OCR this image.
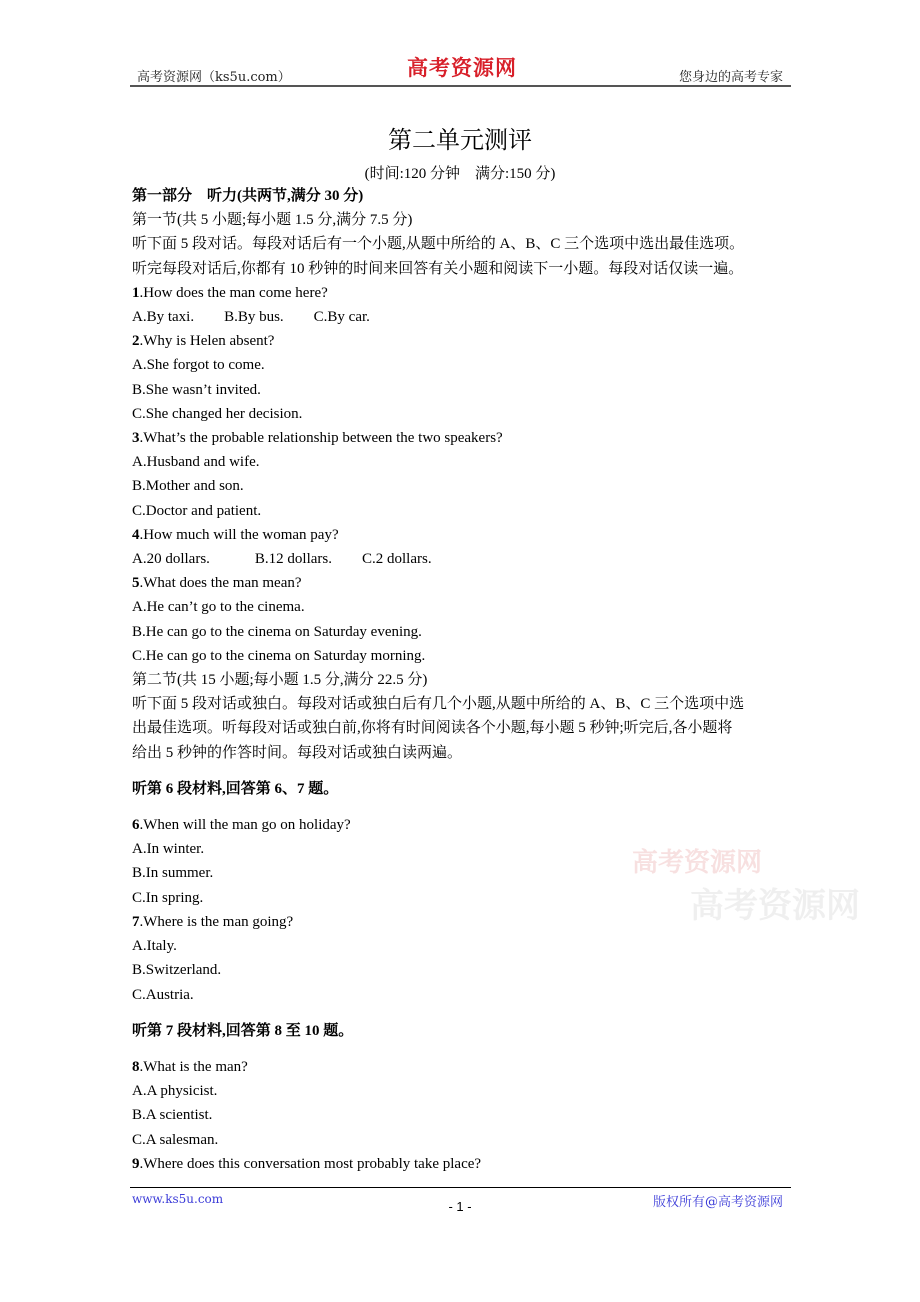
高考资源网（ks5u.com）	高考资源网	您身边的高考专家
第二单元测评
(时间:120 分钟　满分:150 分)
第一部分　听力(共两节,满分 30 分)
第一节(共 5 小题;每小题 1.5 分,满分 7.5 分)
听下面 5 段对话。每段对话后有一个小题,从题中所给的 A、B、C 三个选项中选出最佳选项。
听完每段对话后,你都有 10 秒钟的时间来回答有关小题和阅读下一小题。每段对话仅读一遍。
1.How does the man come here?
A.By taxi.        B.By bus.        C.By car.
2.Why is Helen absent?
A.She forgot to come.
B.She wasn’t invited.
C.She changed her decision.
3.What’s the probable relationship between the two speakers?
A.Husband and wife.
B.Mother and son.
C.Doctor and patient.
4.How much will the woman pay?
A.20 dollars.            B.12 dollars.        C.2 dollars.
5.What does the man mean?
A.He can’t go to the cinema.
B.He can go to the cinema on Saturday evening.
C.He can go to the cinema on Saturday morning.
第二节(共 15 小题;每小题 1.5 分,满分 22.5 分)
听下面 5 段对话或独白。每段对话或独白后有几个小题,从题中所给的 A、B、C 三个选项中选
出最佳选项。听每段对话或独白前,你将有时间阅读各个小题,每小题 5 秒钟;听完后,各小题将
给出 5 秒钟的作答时间。每段对话或独白读两遍。
听第 6 段材料,回答第 6、7 题。
6.When will the man go on holiday?
A.In winter.
B.In summer.
C.In spring.
7.Where is the man going?
A.Italy.
B.Switzerland.
C.Austria.
听第 7 段材料,回答第 8 至 10 题。
8.What is the man?
A.A physicist.
B.A scientist.
C.A salesman.
9.Where does this conversation most probably take place?
高考资源网
高考资源网
www.ks5u.com	- 1 -	版权所有@高考资源网
